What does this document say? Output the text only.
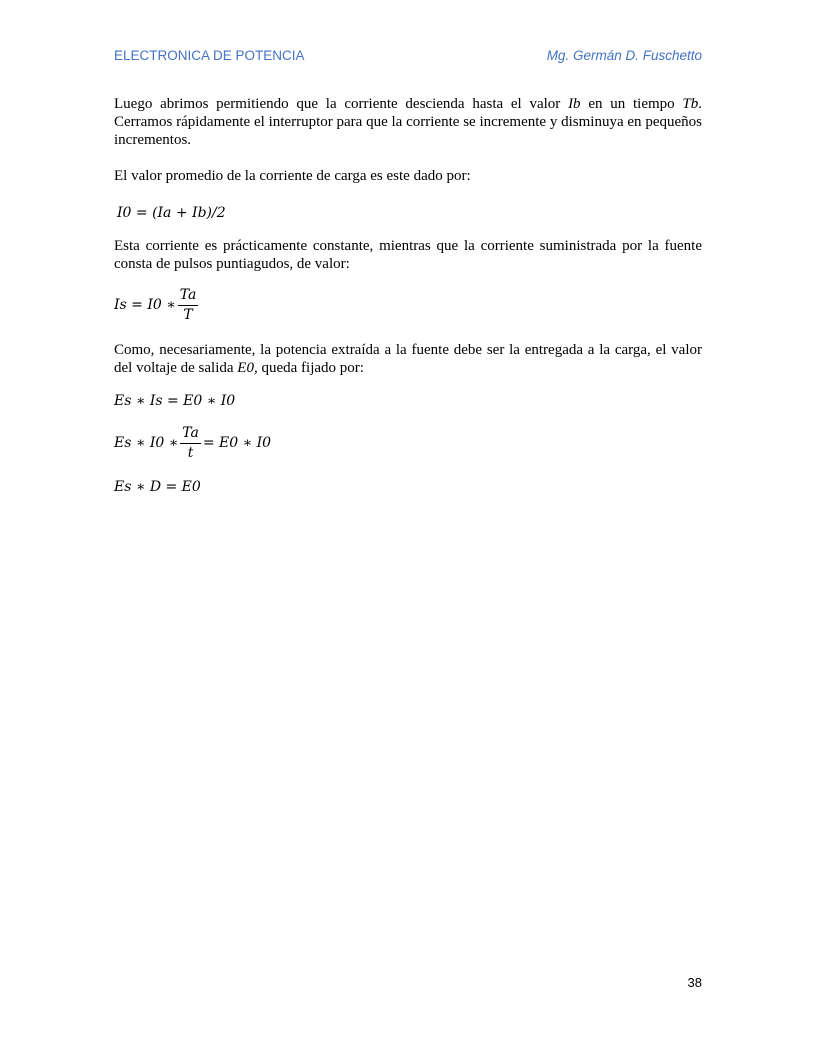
ELECTRONICA DE POTENCIA	Mg. Germán D. Fuschetto

Luego abrimos permitiendo que la corriente descienda hasta el valor Ib en un tiempo Tb. Cerramos rápidamente el interruptor para que la corriente se incremente y disminuya en pequeños incrementos.

El valor promedio de la corriente de carga es este dado por:

I0 = (Ia + Ib)/2

Esta corriente es prácticamente constante, mientras que la corriente suministrada por la fuente consta de pulsos puntiagudos, de valor:

Is = I0 ∗ $\frac{Ta}{T}$

Como, necesariamente, la potencia extraída a la fuente debe ser la entregada a la carga, el valor del voltaje de salida E0, queda fijado por:

Es ∗ Is = E0 ∗ I0
Es ∗ I0 ∗ $\frac{Ta}{t} = E0$ ∗ I0
Es ∗ D = E0
38
